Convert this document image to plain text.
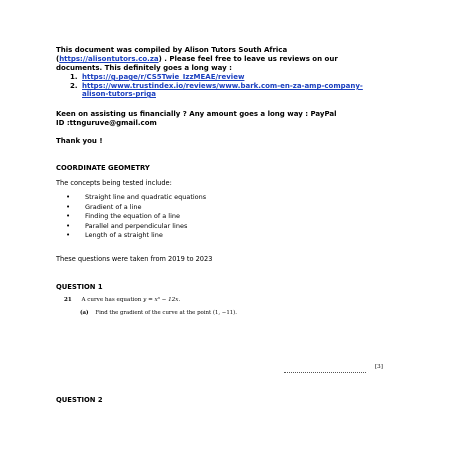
This document was compiled by Alison Tutors South Africa
(https://alisontutors.co.za) . Please feel free to leave us reviews on our
documents. This definitely goes a long way :
1. https://g.page/r/CS5Twie_IzzMEAE/review
2. https://www.trustindex.io/reviews/www.bark.com-en-za-amp-company-
alison-tutors-priga
Keen on assisting us financially ? Any amount goes a long way : PayPal
ID :ttnguruve@gmail.com
Thank you !
COORDINATE GEOMETRY
The concepts being tested include:
• Straight line and quadratic equations
• Gradient of a line
• Finding the equation of a line
• Parallel and perpendicular lines
• Length of a straight line
These questions were taken from 2019 to 2023
QUESTION 1
21 A curve has equation y = x³ − 12x.
(a) Find the gradient of the curve at the point (1, −11).
[3]
QUESTION 2
